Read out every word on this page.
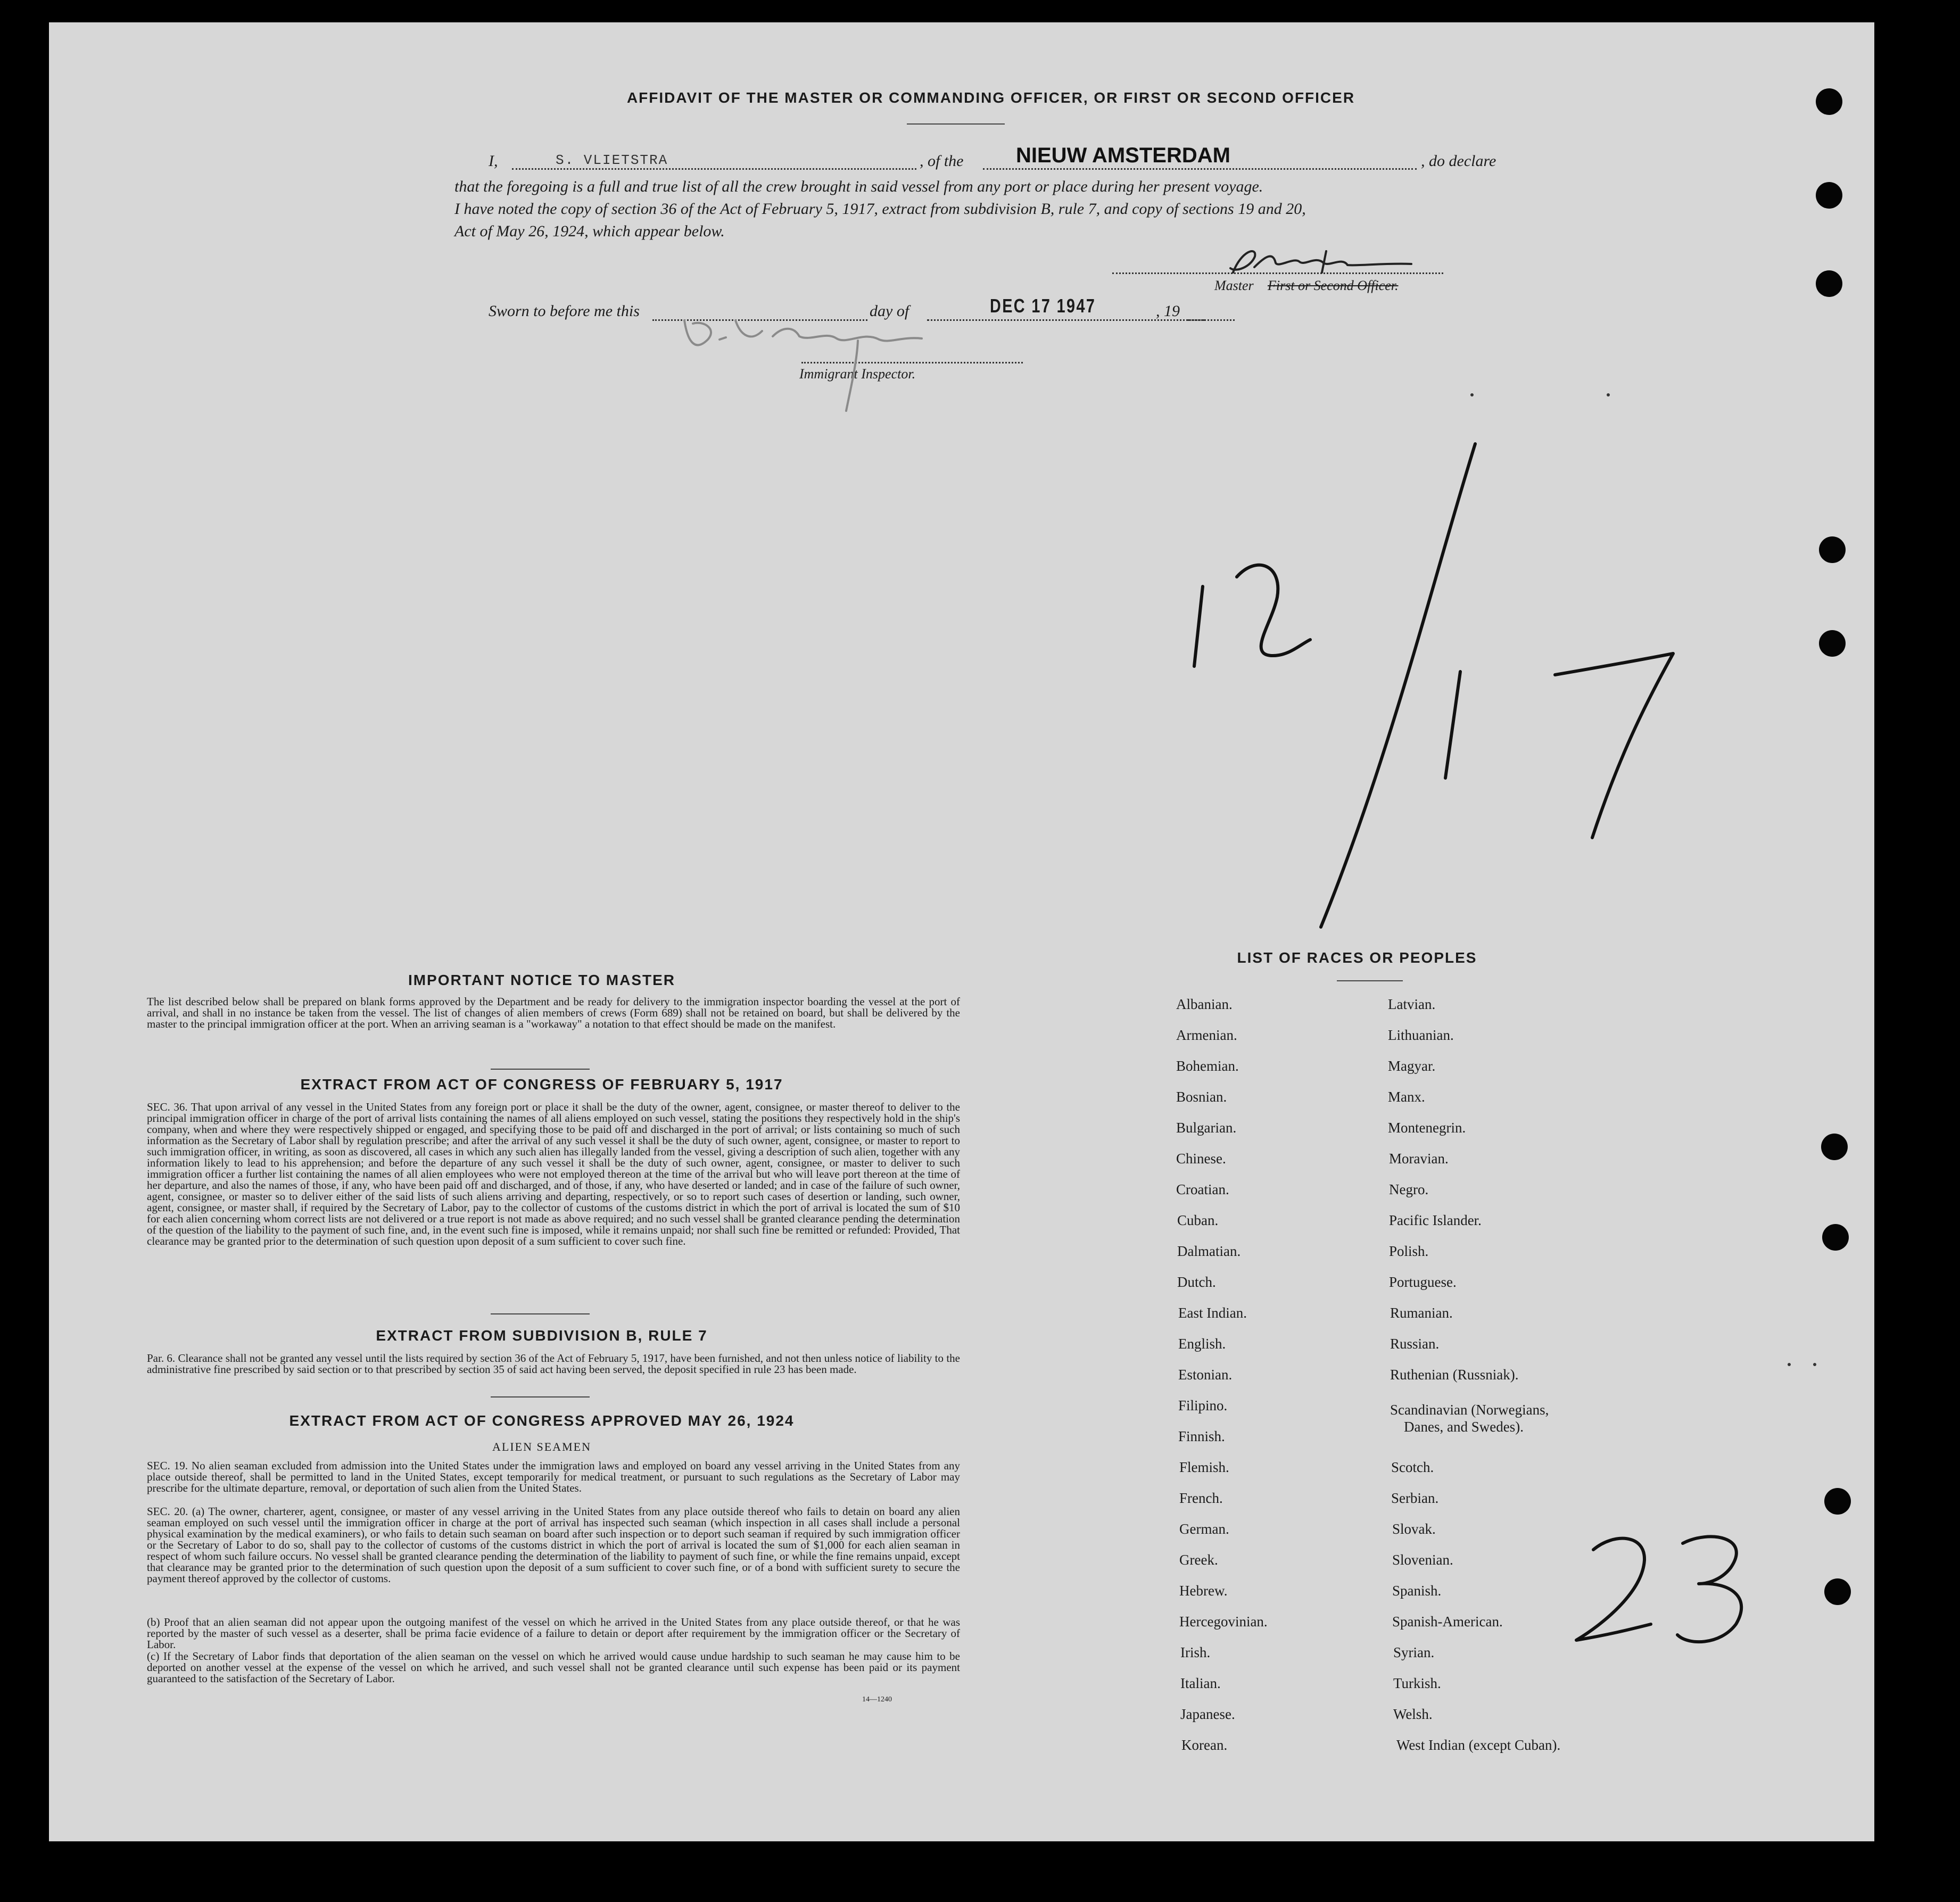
AFFIDAVIT OF THE MASTER OR COMMANDING OFFICER, OR FIRST OR SECOND OFFICER
I,	S. VLIETSTRA	, of the NIEUW AMSTERDAM	, do declare
that the foregoing is a full and true list of all the crew brought in said vessel from any port or place during her present voyage.
I have noted the copy of section 36 of the Act of February 5, 1917, extract from subdivision B, rule 7, and copy of sections 19 and 20,
Act of May 26, 1924, which appear below.
Master First or Second Officer.
Sworn to before me this	day of	DEC 17 1947	, 19
Immigrant Inspector.
IMPORTANT NOTICE TO MASTER
The list described below shall be prepared on blank forms approved by the Department and be ready for delivery to the immigration inspector boarding the vessel at the port of arrival, and shall in no instance be taken from the vessel. The list of changes of alien members of crews (Form 689) shall not be retained on board, but shall be delivered by the master to the principal immigration officer at the port. When an arriving seaman is a "workaway" a notation to that effect should be made on the manifest.
EXTRACT FROM ACT OF CONGRESS OF FEBRUARY 5, 1917
SEC. 36. That upon arrival of any vessel in the United States from any foreign port or place it shall be the duty of the owner, agent, consignee, or master thereof to deliver to the principal immigration officer in charge of the port of arrival lists containing the names of all aliens employed on such vessel, stating the positions they respectively hold in the ship's company, when and where they were respectively shipped or engaged, and specifying those to be paid off and discharged in the port of arrival; or lists containing so much of such information as the Secretary of Labor shall by regulation prescribe; and after the arrival of any such vessel it shall be the duty of such owner, agent, consignee, or master to report to such immigration officer, in writing, as soon as discovered, all cases in which any such alien has illegally landed from the vessel, giving a description of such alien, together with any information likely to lead to his apprehension; and before the departure of any such vessel it shall be the duty of such owner, agent, consignee, or master to deliver to such immigration officer a further list containing the names of all alien employees who were not employed thereon at the time of the arrival but who will leave port thereon at the time of her departure, and also the names of those, if any, who have been paid off and discharged, and of those, if any, who have deserted or landed; and in case of the failure of such owner, agent, consignee, or master so to deliver either of the said lists of such aliens arriving and departing, respectively, or so to report such cases of desertion or landing, such owner, agent, consignee, or master shall, if required by the Secretary of Labor, pay to the collector of customs of the customs district in which the port of arrival is located the sum of $10 for each alien concerning whom correct lists are not delivered or a true report is not made as above required; and no such vessel shall be granted clearance pending the determination of the question of the liability to the payment of such fine, and, in the event such fine is imposed, while it remains unpaid; nor shall such fine be remitted or refunded: Provided, That clearance may be granted prior to the determination of such question upon deposit of a sum sufficient to cover such fine.
EXTRACT FROM SUBDIVISION B, RULE 7
Par. 6. Clearance shall not be granted any vessel until the lists required by section 36 of the Act of February 5, 1917, have been furnished, and not then unless notice of liability to the administrative fine prescribed by said section or to that prescribed by section 35 of said act having been served, the deposit specified in rule 23 has been made.
EXTRACT FROM ACT OF CONGRESS APPROVED MAY 26, 1924
ALIEN SEAMEN
SEC. 19. No alien seaman excluded from admission into the United States under the immigration laws and employed on board any vessel arriving in the United States from any place outside thereof, shall be permitted to land in the United States, except temporarily for medical treatment, or pursuant to such regulations as the Secretary of Labor may prescribe for the ultimate departure, removal, or deportation of such alien from the United States.
SEC. 20. (a) The owner, charterer, agent, consignee, or master of any vessel arriving in the United States from any place outside thereof who fails to detain on board any alien seaman employed on such vessel until the immigration officer in charge at the port of arrival has inspected such seaman (which inspection in all cases shall include a personal physical examination by the medical examiners), or who fails to detain such seaman on board after such inspection or to deport such seaman if required by such immigration officer or the Secretary of Labor to do so, shall pay to the collector of customs of the customs district in which the port of arrival is located the sum of $1,000 for each alien seaman in respect of whom such failure occurs. No vessel shall be granted clearance pending the determination of the liability to payment of such fine, or while the fine remains unpaid, except that clearance may be granted prior to the determination of such question upon the deposit of a sum sufficient to cover such fine, or of a bond with sufficient surety to secure the payment thereof approved by the collector of customs.
(b) Proof that an alien seaman did not appear upon the outgoing manifest of the vessel on which he arrived in the United States from any place outside thereof, or that he was reported by the master of such vessel as a deserter, shall be prima facie evidence of a failure to detain or deport after requirement by the immigration officer or the Secretary of Labor.
(c) If the Secretary of Labor finds that deportation of the alien seaman on the vessel on which he arrived would cause undue hardship to such seaman he may cause him to be deported on another vessel at the expense of the vessel on which he arrived, and such vessel shall not be granted clearance until such expense has been paid or its payment guaranteed to the satisfaction of the Secretary of Labor.
14—1240
LIST OF RACES OR PEOPLES
Albanian.
Armenian.
Bohemian.
Bosnian.
Bulgarian.
Chinese.
Croatian.
Cuban.
Dalmatian.
Dutch.
East Indian.
English.
Estonian.
Filipino.
Finnish.
Flemish.
French.
German.
Greek.
Hebrew.
Hercegovinian.
Irish.
Italian.
Japanese.
Korean.
Latvian.
Lithuanian.
Magyar.
Manx.
Montenegrin.
Moravian.
Negro.
Pacific Islander.
Polish.
Portuguese.
Rumanian.
Russian.
Ruthenian (Russniak).
Scandinavian (Norwegians,
Danes, and Swedes).
Scotch.
Serbian.
Slovak.
Slovenian.
Spanish.
Spanish-American.
Syrian.
Turkish.
Welsh.
West Indian (except Cuban).
